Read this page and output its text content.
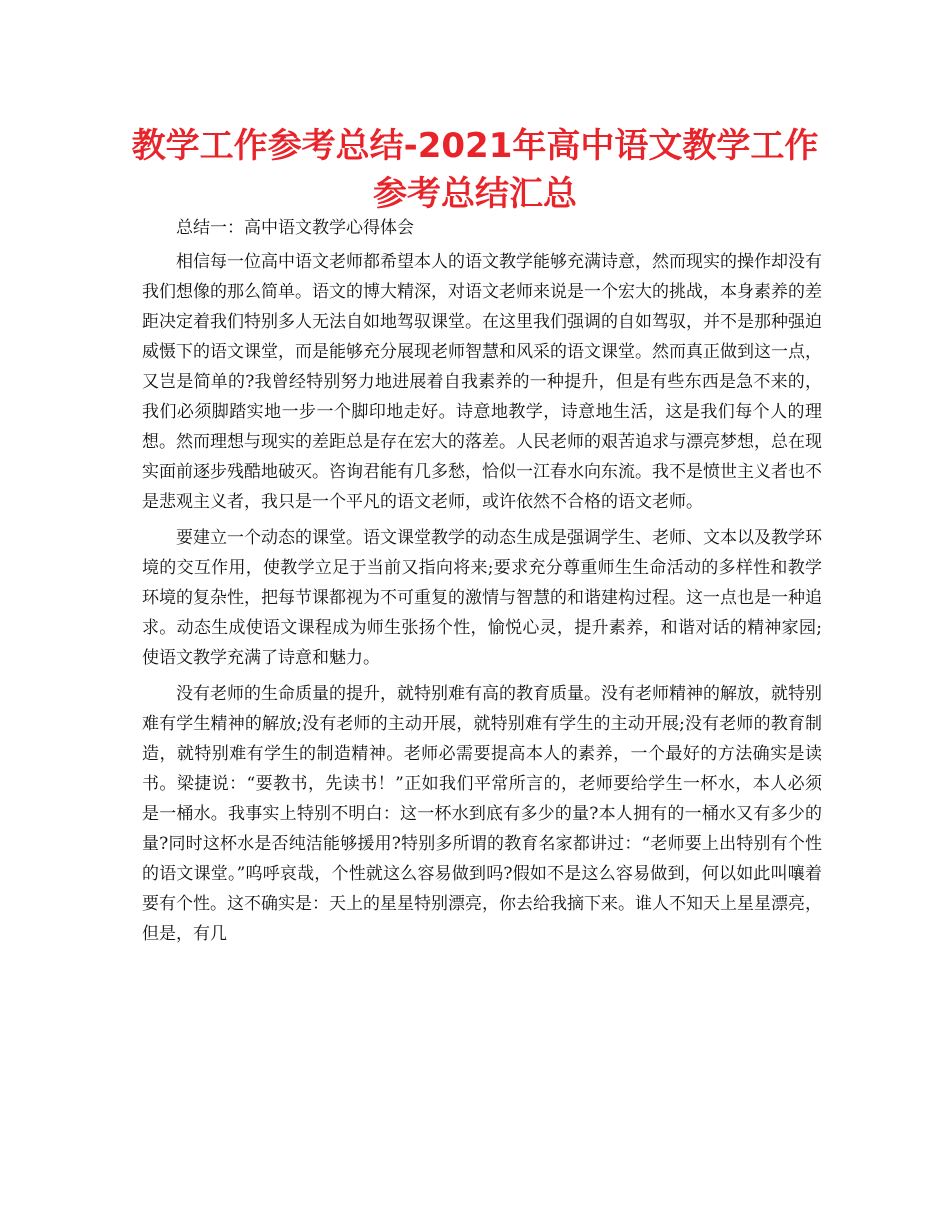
教学工作参考总结-2021年高中语文教学工作参考总结汇总

总结一：高中语文教学心得体会

相信每一位高中语文老师都希望本人的语文教学能够充满诗意，然而现实的操作却没有我们想像的那么简单。语文的博大精深，对语文老师来说是一个宏大的挑战，本身素养的差距决定着我们特别多人无法自如地驾驭课堂。在这里我们强调的自如驾驭，并不是那种强迫威慑下的语文课堂，而是能够充分展现老师智慧和风采的语文课堂。然而真正做到这一点，又岂是简单的?我曾经特别努力地进展着自我素养的一种提升，但是有些东西是急不来的，我们必须脚踏实地一步一个脚印地走好。诗意地教学，诗意地生活，这是我们每个人的理想。然而理想与现实的差距总是存在宏大的落差。人民老师的艰苦追求与漂亮梦想，总在现实面前逐步残酷地破灭。咨询君能有几多愁，恰似一江春水向东流。我不是愤世主义者也不是悲观主义者，我只是一个平凡的语文老师，或许依然不合格的语文老师。

要建立一个动态的课堂。语文课堂教学的动态生成是强调学生、老师、文本以及教学环境的交互作用，使教学立足于当前又指向将来;要求充分尊重师生生命活动的多样性和教学环境的复杂性，把每节课都视为不可重复的激情与智慧的和谐建构过程。这一点也是一种追求。动态生成使语文课程成为师生张扬个性，愉悦心灵，提升素养，和谐对话的精神家园;使语文教学充满了诗意和魅力。

没有老师的生命质量的提升，就特别难有高的教育质量。没有老师精神的解放，就特别难有学生精神的解放;没有老师的主动开展，就特别难有学生的主动开展;没有老师的教育制造，就特别难有学生的制造精神。老师必需要提高本人的素养，一个最好的方法确实是读书。梁捷说：“要教书，先读书！”正如我们平常所言的，老师要给学生一杯水，本人必须是一桶水。我事实上特别不明白：这一杯水到底有多少的量?本人拥有的一桶水又有多少的量?同时这杯水是否纯洁能够援用?特别多所谓的教育名家都讲过：“老师要上出特别有个性的语文课堂。”呜呼哀哉，个性就这么容易做到吗?假如不是这么容易做到，何以如此叫嚷着要有个性。这不确实是：天上的星星特别漂亮，你去给我摘下来。谁人不知天上星星漂亮，但是，有几
